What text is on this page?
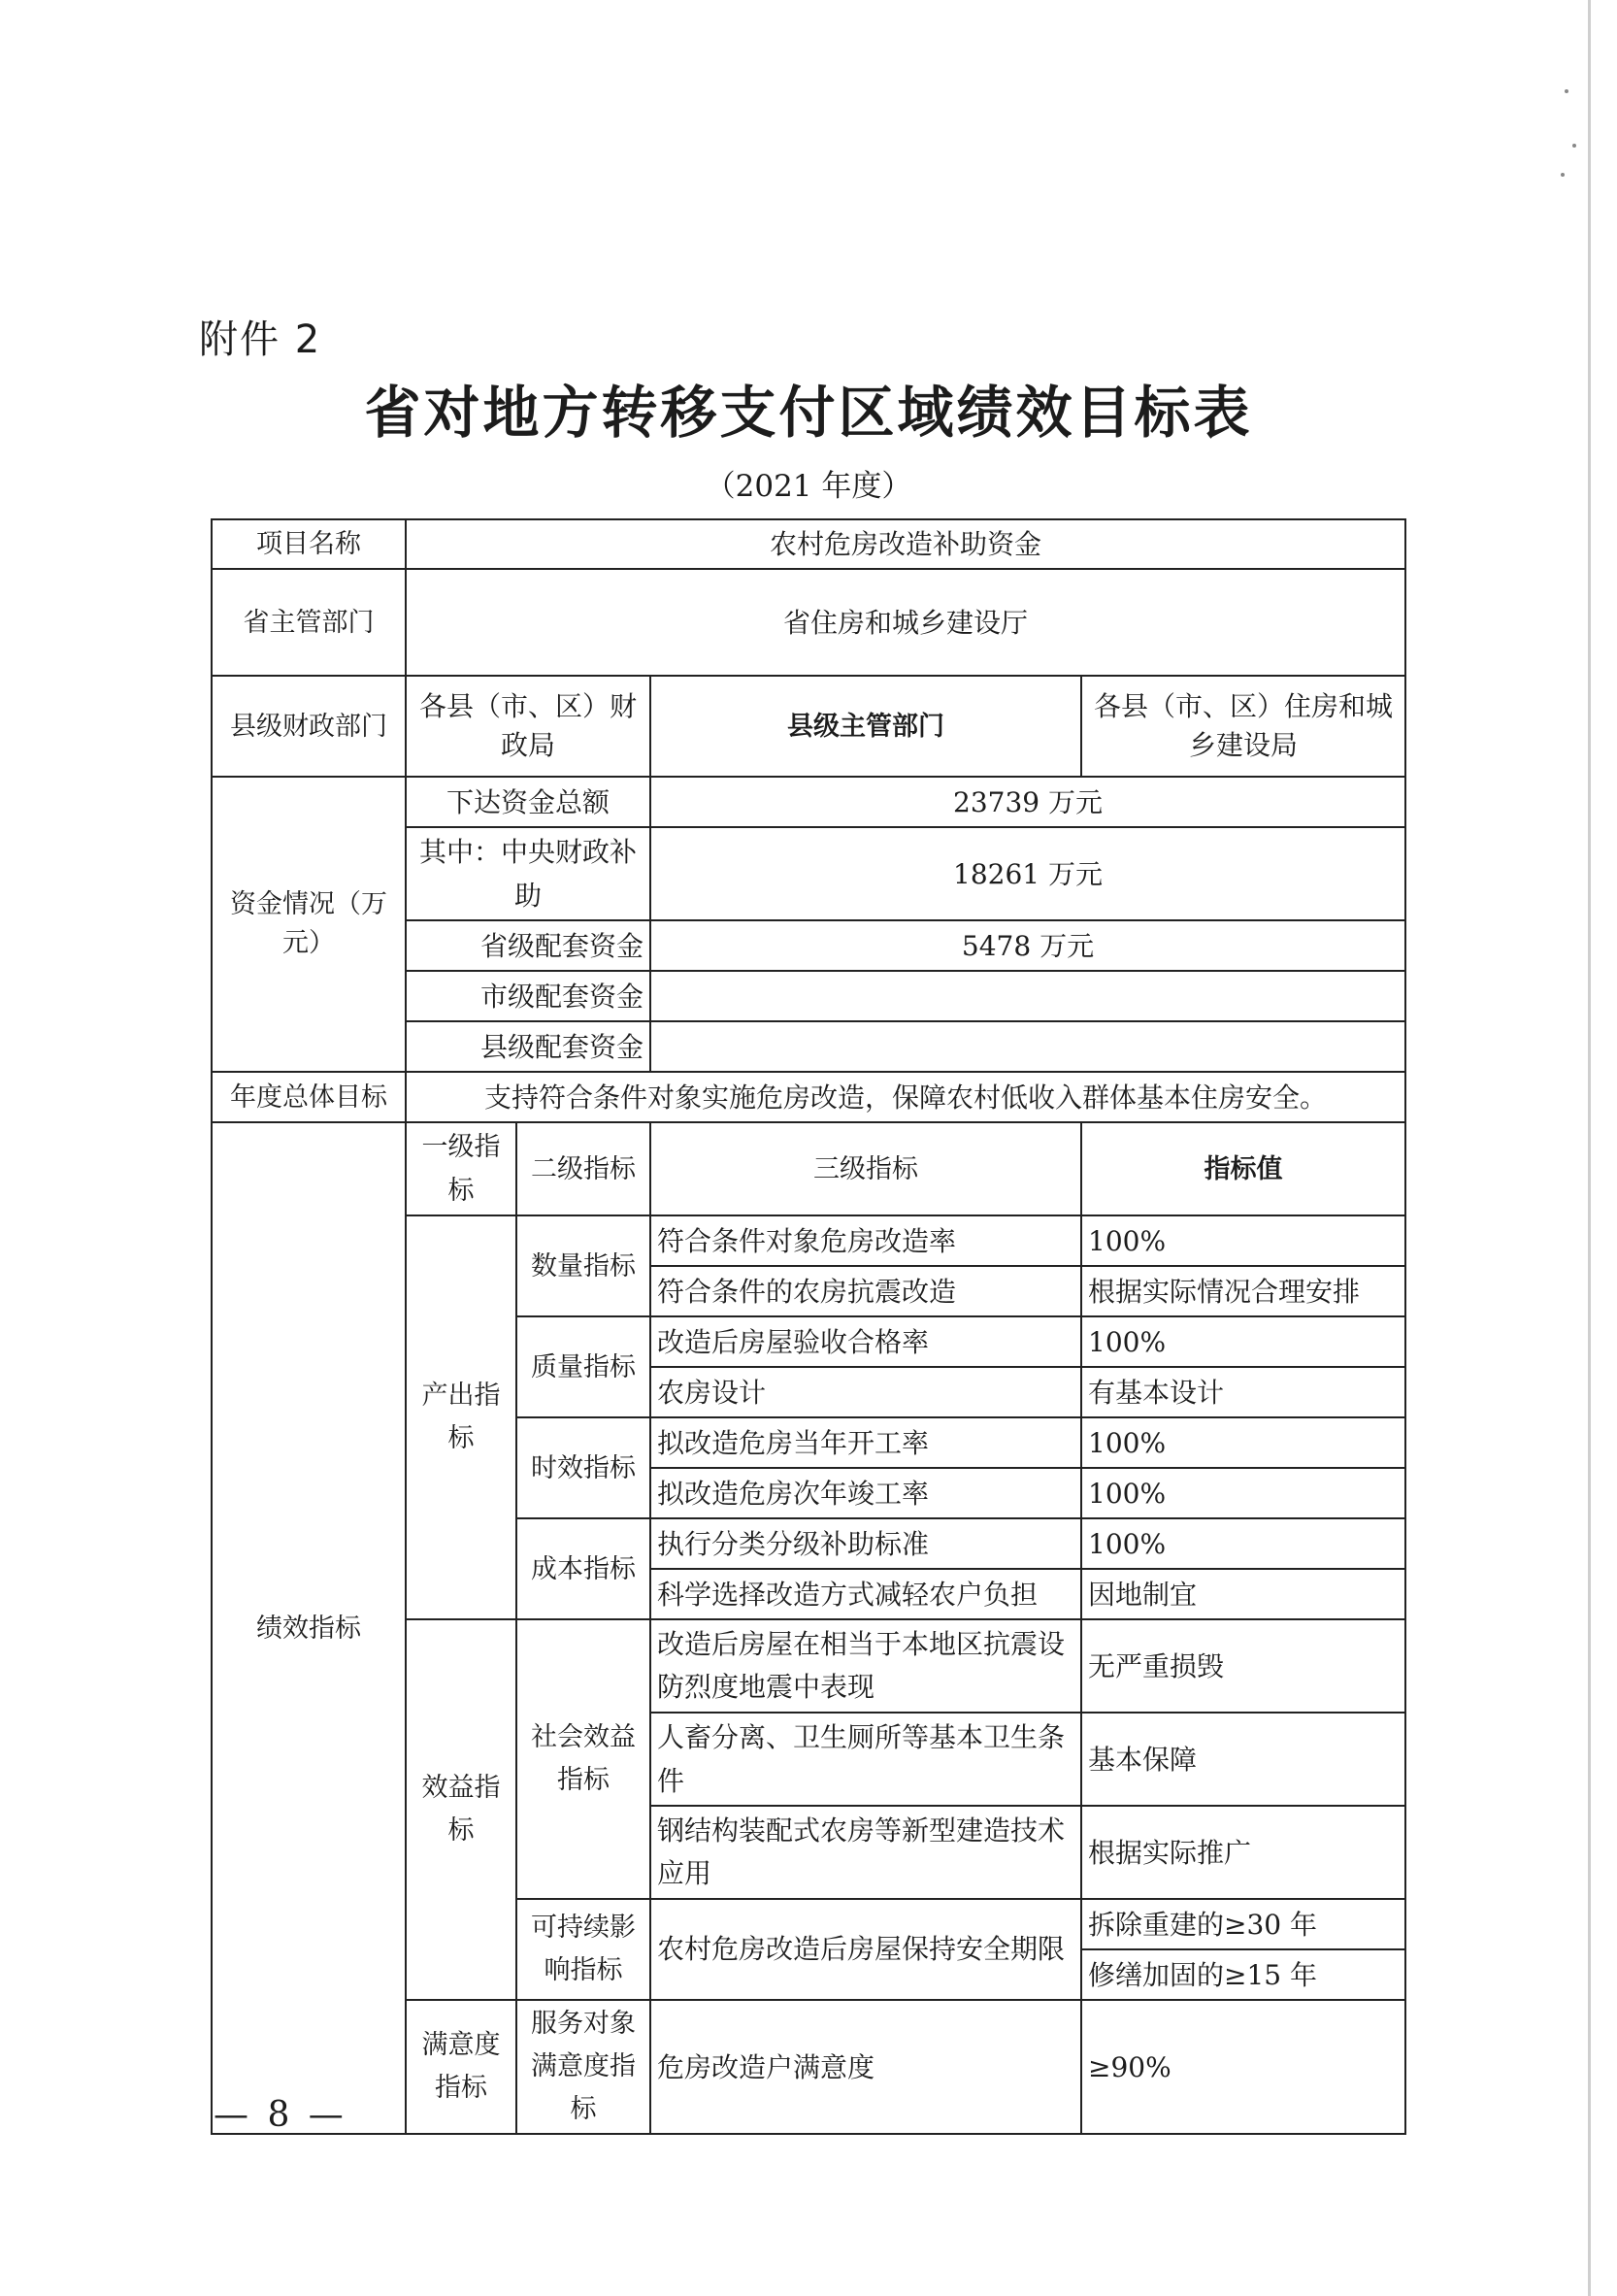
附件 2
省对地方转移支付区域绩效目标表
（2021 年度）
项目名称	农村危房改造补助资金			
省主管部门	省住房和城乡建设厅			
县级财政部门	各县（市、区）财政局		县级主管部门	各县（市、区）住房和城乡建设局
资金情况（万元）	下达资金总额		23739 万元	
	其中：中央财政补助		18261 万元	
	省级配套资金		5478 万元	
	市级配套资金			
	县级配套资金			
年度总体目标	支持符合条件对象实施危房改造，保障农村低收入群体基本住房安全。			
绩效指标	一级指标	二级指标	三级指标	指标值
	产出指标	数量指标	符合条件对象危房改造率	100%
			符合条件的农房抗震改造	根据实际情况合理安排
		质量指标	改造后房屋验收合格率	100%
			农房设计	有基本设计
		时效指标	拟改造危房当年开工率	100%
			拟改造危房次年竣工率	100%
		成本指标	执行分类分级补助标准	100%
			科学选择改造方式减轻农户负担	因地制宜
	效益指标	社会效益指标	改造后房屋在相当于本地区抗震设防烈度地震中表现	无严重损毁
			人畜分离、卫生厕所等基本卫生条件	基本保障
			钢结构装配式农房等新型建造技术应用	根据实际推广
		可持续影响指标	农村危房改造后房屋保持安全期限	拆除重建的≥30 年
				修缮加固的≥15 年
	满意度指标	服务对象满意度指标	危房改造户满意度	≥90%
— 8 —
